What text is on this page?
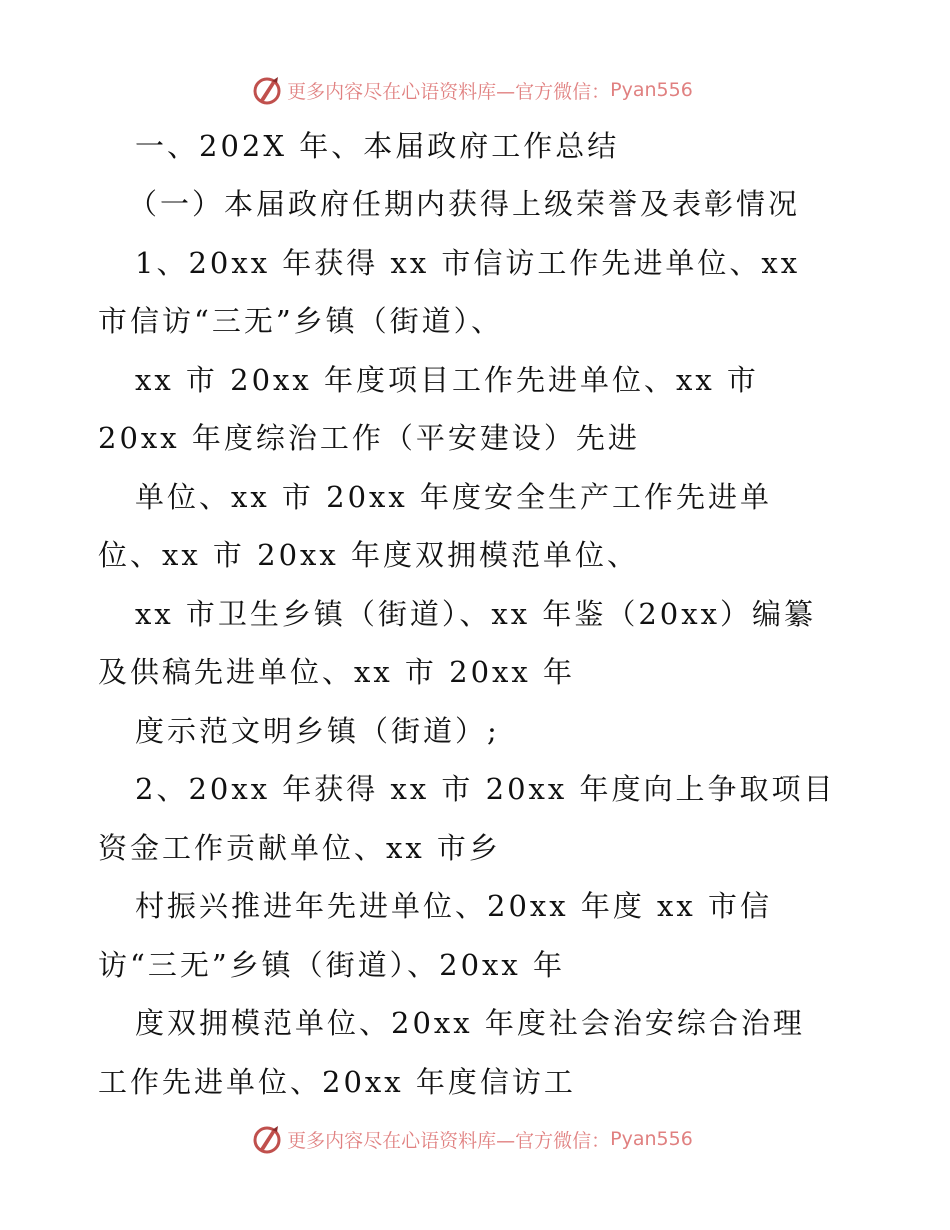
更多内容尽在心语资料库—官方微信： Pyan556
一、202X 年、本届政府工作总结
（一）本届政府任期内获得上级荣誉及表彰情况
1、20xx 年获得 xx 市信访工作先进单位、xx
市信访“三无”乡镇（街道）、
xx 市 20xx 年度项目工作先进单位、xx 市
20xx 年度综治工作（平安建设）先进
单位、xx 市 20xx 年度安全生产工作先进单
位、xx 市 20xx 年度双拥模范单位、
xx 市卫生乡镇（街道）、xx 年鉴（20xx）编纂
及供稿先进单位、xx 市 20xx 年
度示范文明乡镇（街道）;
2、20xx 年获得 xx 市 20xx 年度向上争取项目
资金工作贡献单位、xx 市乡
村振兴推进年先进单位、20xx 年度 xx 市信
访“三无”乡镇（街道）、20xx 年
度双拥模范单位、20xx 年度社会治安综合治理
工作先进单位、20xx 年度信访工
更多内容尽在心语资料库—官方微信： Pyan556
